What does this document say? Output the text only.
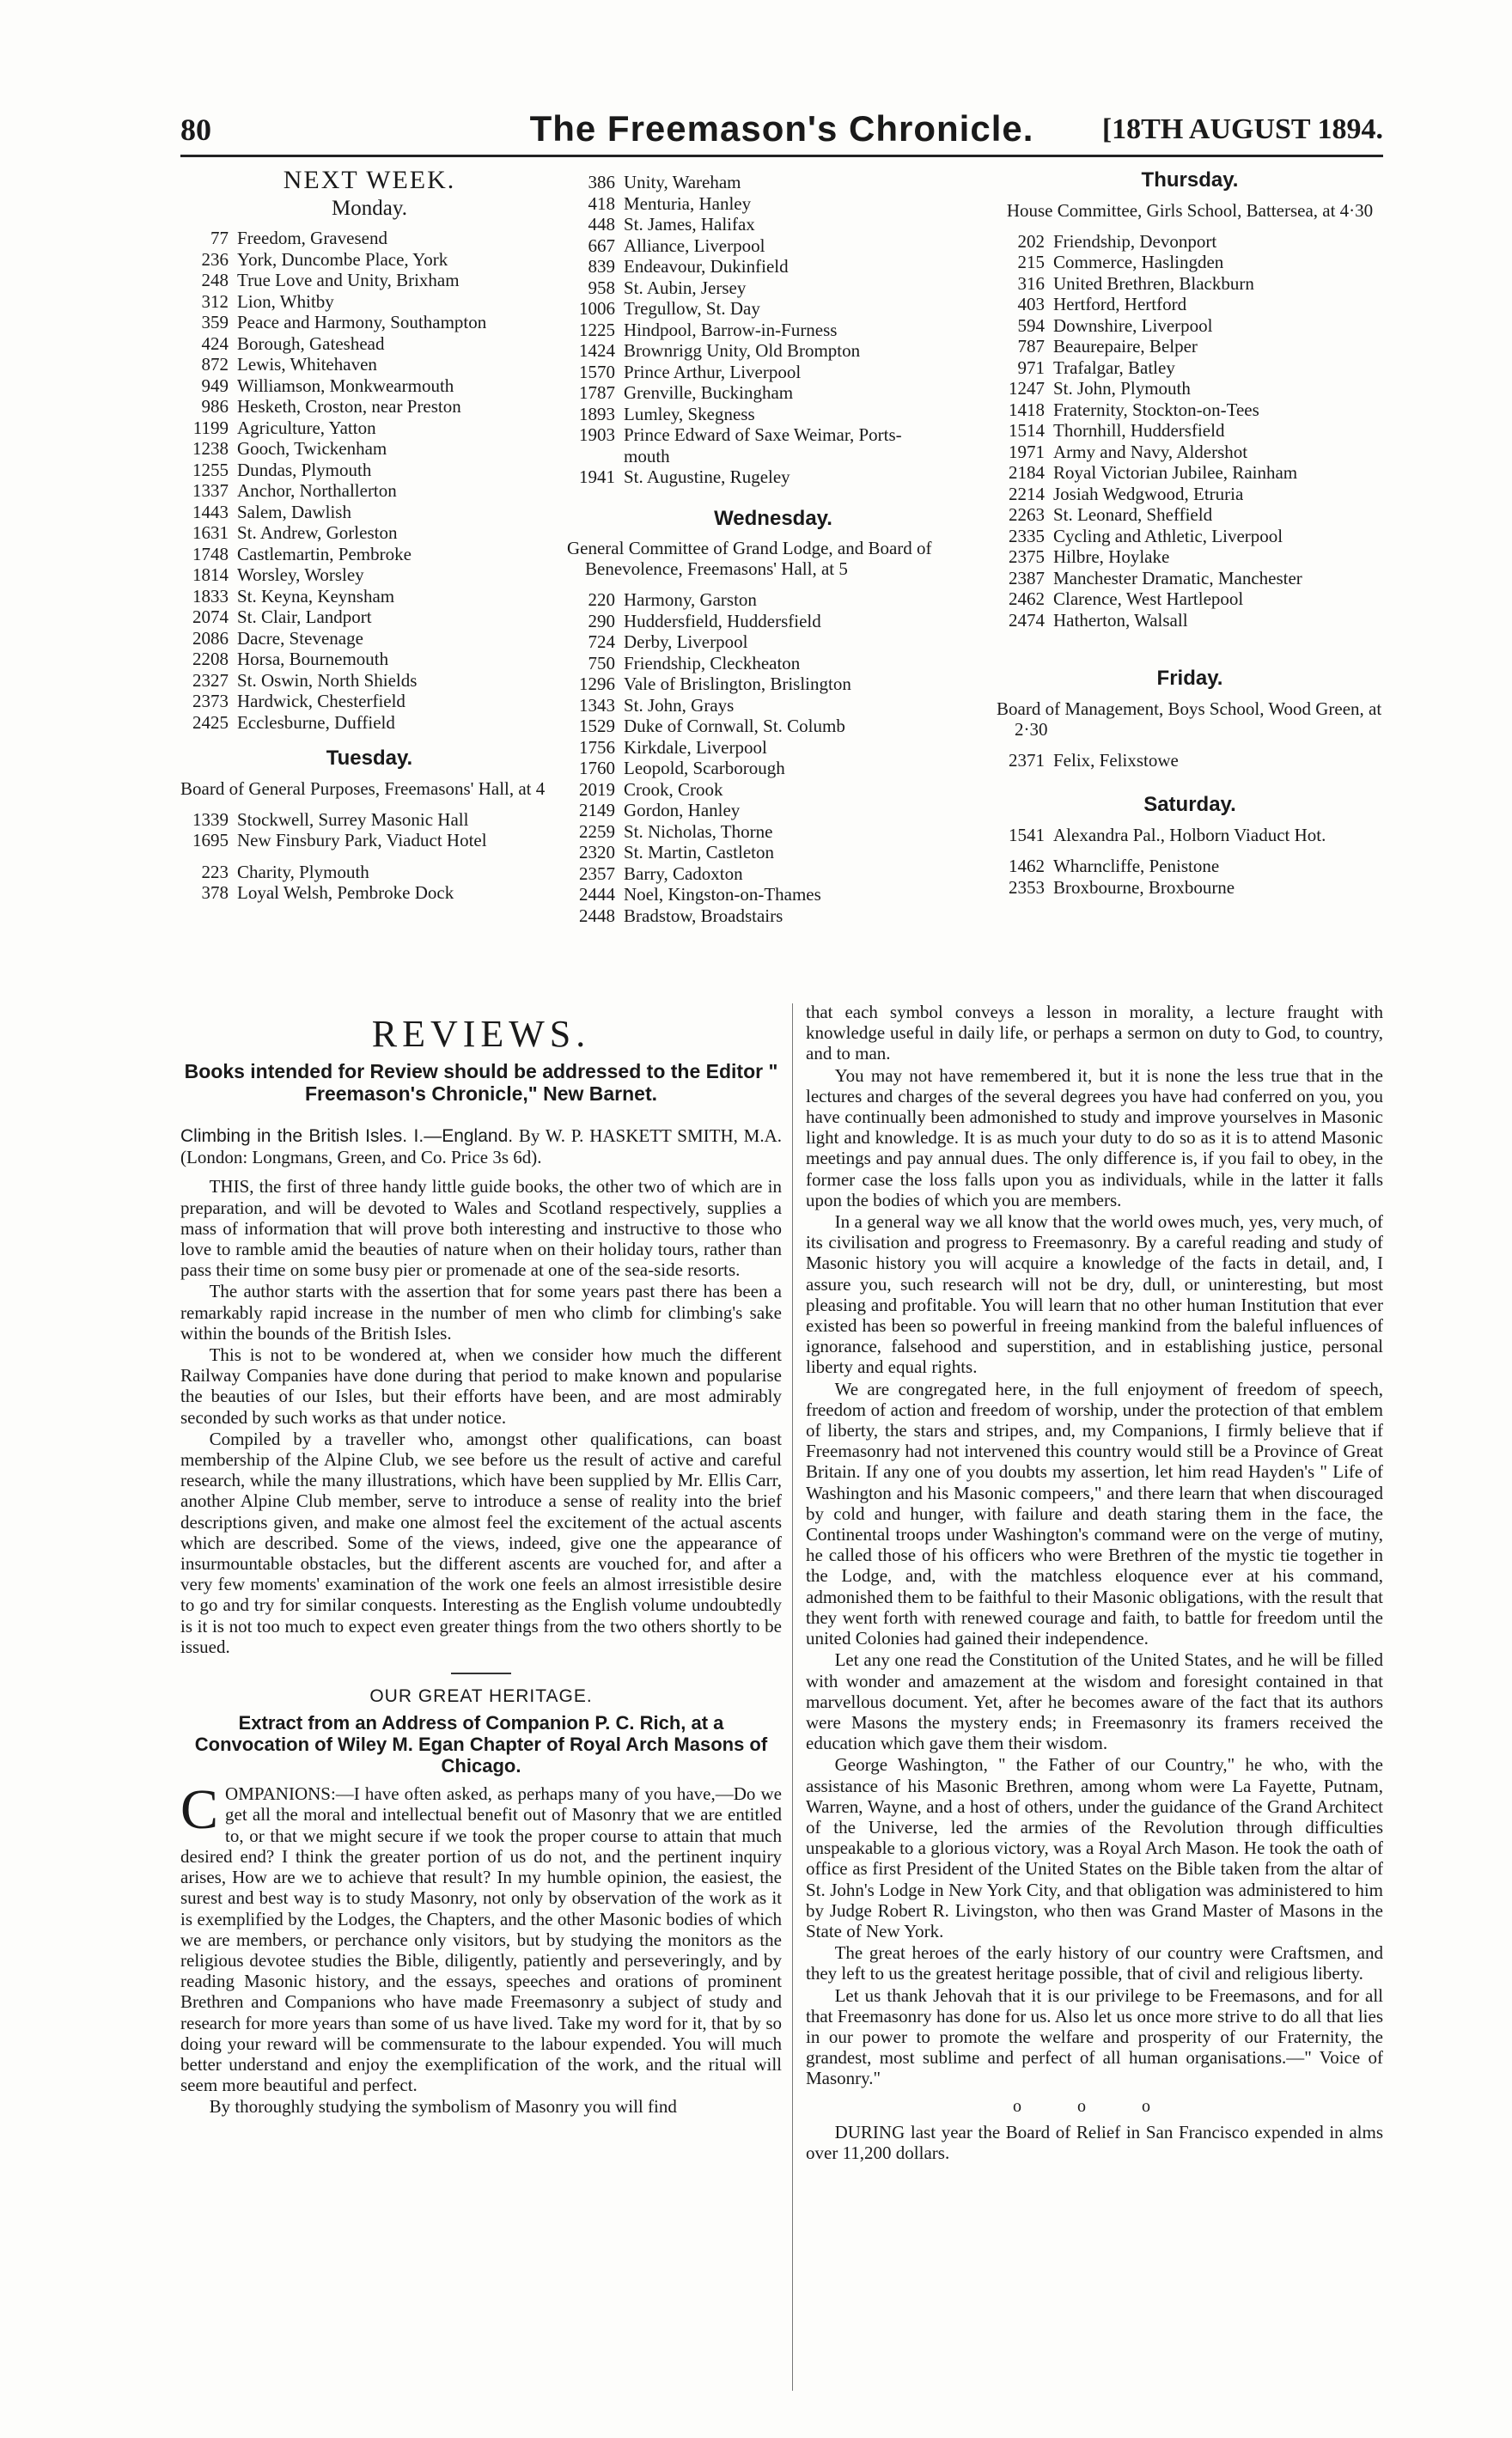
80	The Freemason's Chronicle.	[18TH AUGUST 1894.
NEXT WEEK.
Monday.
77 Freedom, Gravesend
236 York, Duncombe Place, York
248 True Love and Unity, Brixham
312 Lion, Whitby
359 Peace and Harmony, Southampton
424 Borough, Gateshead
872 Lewis, Whitehaven
949 Williamson, Monkwearmouth
986 Hesketh, Croston, near Preston
1199 Agriculture, Yatton
1238 Gooch, Twickenham
1255 Dundas, Plymouth
1337 Anchor, Northallerton
1443 Salem, Dawlish
1631 St. Andrew, Gorleston
1748 Castlemartin, Pembroke
1814 Worsley, Worsley
1833 St. Keyna, Keynsham
2074 St. Clair, Landport
2086 Dacre, Stevenage
2208 Horsa, Bournemouth
2327 St. Oswin, North Shields
2373 Hardwick, Chesterfield
2425 Ecclesburne, Duffield
Tuesday.
Board of General Purposes, Freemasons' Hall, at 4
1339 Stockwell, Surrey Masonic Hall
1695 New Finsbury Park, Viaduct Hotel
223 Charity, Plymouth
378 Loyal Welsh, Pembroke Dock
386 Unity, Wareham
418 Menturia, Hanley
448 St. James, Halifax
667 Alliance, Liverpool
839 Endeavour, Dukinfield
958 St. Aubin, Jersey
1006 Tregullow, St. Day
1225 Hindpool, Barrow-in-Furness
1424 Brownrigg Unity, Old Brompton
1570 Prince Arthur, Liverpool
1787 Grenville, Buckingham
1893 Lumley, Skegness
1903 Prince Edward of Saxe Weimar, Ports-
mouth
1941 St. Augustine, Rugeley
Wednesday.
General Committee of Grand Lodge, and Board of Benevolence, Freemasons' Hall, at 5
220 Harmony, Garston
290 Huddersfield, Huddersfield
724 Derby, Liverpool
750 Friendship, Cleckheaton
1296 Vale of Brislington, Brislington
1343 St. John, Grays
1529 Duke of Cornwall, St. Columb
1756 Kirkdale, Liverpool
1760 Leopold, Scarborough
2019 Crook, Crook
2149 Gordon, Hanley
2259 St. Nicholas, Thorne
2320 St. Martin, Castleton
2357 Barry, Cadoxton
2444 Noel, Kingston-on-Thames
2448 Bradstow, Broadstairs
Thursday.
House Committee, Girls School, Battersea, at 4·30
202 Friendship, Devonport
215 Commerce, Haslingden
316 United Brethren, Blackburn
403 Hertford, Hertford
594 Downshire, Liverpool
787 Beaurepaire, Belper
971 Trafalgar, Batley
1247 St. John, Plymouth
1418 Fraternity, Stockton-on-Tees
1514 Thornhill, Huddersfield
1971 Army and Navy, Aldershot
2184 Royal Victorian Jubilee, Rainham
2214 Josiah Wedgwood, Etruria
2263 St. Leonard, Sheffield
2335 Cycling and Athletic, Liverpool
2375 Hilbre, Hoylake
2387 Manchester Dramatic, Manchester
2462 Clarence, West Hartlepool
2474 Hatherton, Walsall
Friday.
Board of Management, Boys School, Wood Green, at 2·30
2371 Felix, Felixstowe
Saturday.
1541 Alexandra Pal., Holborn Viaduct Hot.
1462 Wharncliffe, Penistone
2353 Broxbourne, Broxbourne
REVIEWS.
Books intended for Review should be addressed to the Editor " Freemason's Chronicle," New Barnet.

Climbing in the British Isles. I.—England. By W. P. HASKETT SMITH, M.A. (London: Longmans, Green, and Co. Price 3s 6d).

THIS, the first of three handy little guide books, the other two of which are in preparation, and will be devoted to Wales and Scotland respectively, supplies a mass of information that will prove both interesting and instructive to those who love to ramble amid the beauties of nature when on their holiday tours, rather than pass their time on some busy pier or promenade at one of the sea-side resorts.

The author starts with the assertion that for some years past there has been a remarkably rapid increase in the number of men who climb for climbing's sake within the bounds of the British Isles.

This is not to be wondered at, when we consider how much the different Railway Companies have done during that period to make known and popularise the beauties of our Isles, but their efforts have been, and are most admirably seconded by such works as that under notice.

Compiled by a traveller who, amongst other qualifications, can boast membership of the Alpine Club, we see before us the result of active and careful research, while the many illustrations, which have been supplied by Mr. Ellis Carr, another Alpine Club member, serve to introduce a sense of reality into the brief descriptions given, and make one almost feel the excitement of the actual ascents which are described. Some of the views, indeed, give one the appearance of insurmountable obstacles, but the different ascents are vouched for, and after a very few moments' examination of the work one feels an almost irresistible desire to go and try for similar conquests. Interesting as the English volume undoubtedly is it is not too much to expect even greater things from the two others shortly to be issued.

OUR GREAT HERITAGE.
Extract from an Address of Companion P. C. Rich, at a Convocation of Wiley M. Egan Chapter of Royal Arch Masons of Chicago.

COMPANIONS:—I have often asked, as perhaps many of you have,—Do we get all the moral and intellectual benefit out of Masonry that we are entitled to, or that we might secure if we took the proper course to attain that much desired end? I think the greater portion of us do not, and the pertinent inquiry arises, How are we to achieve that result? In my humble opinion, the easiest, the surest and best way is to study Masonry, not only by observation of the work as it is exemplified by the Lodges, the Chapters, and the other Masonic bodies of which we are members, or perchance only visitors, but by studying the monitors as the religious devotee studies the Bible, diligently, patiently and perseveringly, and by reading Masonic history, and the essays, speeches and orations of prominent Brethren and Companions who have made Freemasonry a subject of study and research for more years than some of us have lived. Take my word for it, that by so doing your reward will be commensurate to the labour expended. You will much better understand and enjoy the exemplification of the work, and the ritual will seem more beautiful and perfect.

By thoroughly studying the symbolism of Masonry you will find

that each symbol conveys a lesson in morality, a lecture fraught with knowledge useful in daily life, or perhaps a sermon on duty to God, to country, and to man.

You may not have remembered it, but it is none the less true that in the lectures and charges of the several degrees you have had conferred on you, you have continually been admonished to study and improve yourselves in Masonic light and knowledge. It is as much your duty to do so as it is to attend Masonic meetings and pay annual dues. The only difference is, if you fail to obey, in the former case the loss falls upon you as individuals, while in the latter it falls upon the bodies of which you are members.

In a general way we all know that the world owes much, yes, very much, of its civilisation and progress to Freemasonry. By a careful reading and study of Masonic history you will acquire a knowledge of the facts in detail, and, I assure you, such research will not be dry, dull, or uninteresting, but most pleasing and profitable. You will learn that no other human Institution that ever existed has been so powerful in freeing mankind from the baleful influences of ignorance, falsehood and superstition, and in establishing justice, personal liberty and equal rights.

We are congregated here, in the full enjoyment of freedom of speech, freedom of action and freedom of worship, under the protection of that emblem of liberty, the stars and stripes, and, my Companions, I firmly believe that if Freemasonry had not intervened this country would still be a Province of Great Britain. If any one of you doubts my assertion, let him read Hayden's " Life of Washington and his Masonic compeers," and there learn that when discouraged by cold and hunger, with failure and death staring them in the face, the Continental troops under Washington's command were on the verge of mutiny, he called those of his officers who were Brethren of the mystic tie together in the Lodge, and, with the matchless eloquence ever at his command, admonished them to be faithful to their Masonic obligations, with the result that they went forth with renewed courage and faith, to battle for freedom until the united Colonies had gained their independence.

Let any one read the Constitution of the United States, and he will be filled with wonder and amazement at the wisdom and foresight contained in that marvellous document. Yet, after he becomes aware of the fact that its authors were Masons the mystery ends; in Freemasonry its framers received the education which gave them their wisdom.

George Washington, " the Father of our Country," he who, with the assistance of his Masonic Brethren, among whom were La Fayette, Putnam, Warren, Wayne, and a host of others, under the guidance of the Grand Architect of the Universe, led the armies of the Revolution through difficulties unspeakable to a glorious victory, was a Royal Arch Mason. He took the oath of office as first President of the United States on the Bible taken from the altar of St. John's Lodge in New York City, and that obligation was administered to him by Judge Robert R. Livingston, who then was Grand Master of Masons in the State of New York.

The great heroes of the early history of our country were Craftsmen, and they left to us the greatest heritage possible, that of civil and religious liberty.

Let us thank Jehovah that it is our privilege to be Freemasons, and for all that Freemasonry has done for us. Also let us once more strive to do all that lies in our power to promote the welfare and prosperity of our Fraternity, the grandest, most sublime and perfect of all human organisations.—" Voice of Masonry."

o o o

DURING last year the Board of Relief in San Francisco expended in alms over 11,200 dollars.
